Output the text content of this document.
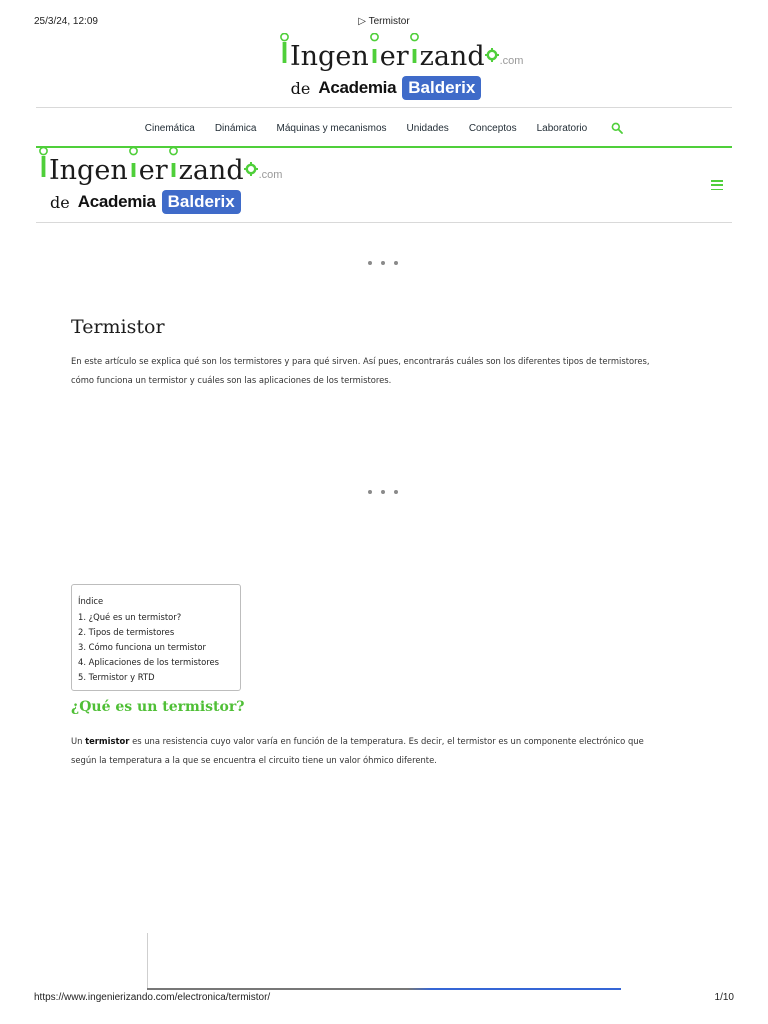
25/3/24, 12:09	▷ Termistor
Ingen er zand .com
de Academia Balderix
Cinemática Dinámica Máquinas y mecanismos Unidades Conceptos Laboratorio
Ingen er zand .com
de Academia Balderix
Termistor
En este artículo se explica qué son los termistores y para qué sirven. Así pues, encontrarás cuáles son los diferentes tipos de termistores,
cómo funciona un termistor y cuáles son las aplicaciones de los termistores.
Índice
1. ¿Qué es un termistor?
2. Tipos de termistores
3. Cómo funciona un termistor
4. Aplicaciones de los termistores
5. Termistor y RTD
¿Qué es un termistor?
Un termistor es una resistencia cuyo valor varía en función de la temperatura. Es decir, el termistor es un componente electrónico que
según la temperatura a la que se encuentra el circuito tiene un valor óhmico diferente.
https://www.ingenierizando.com/electronica/termistor/	1/10
